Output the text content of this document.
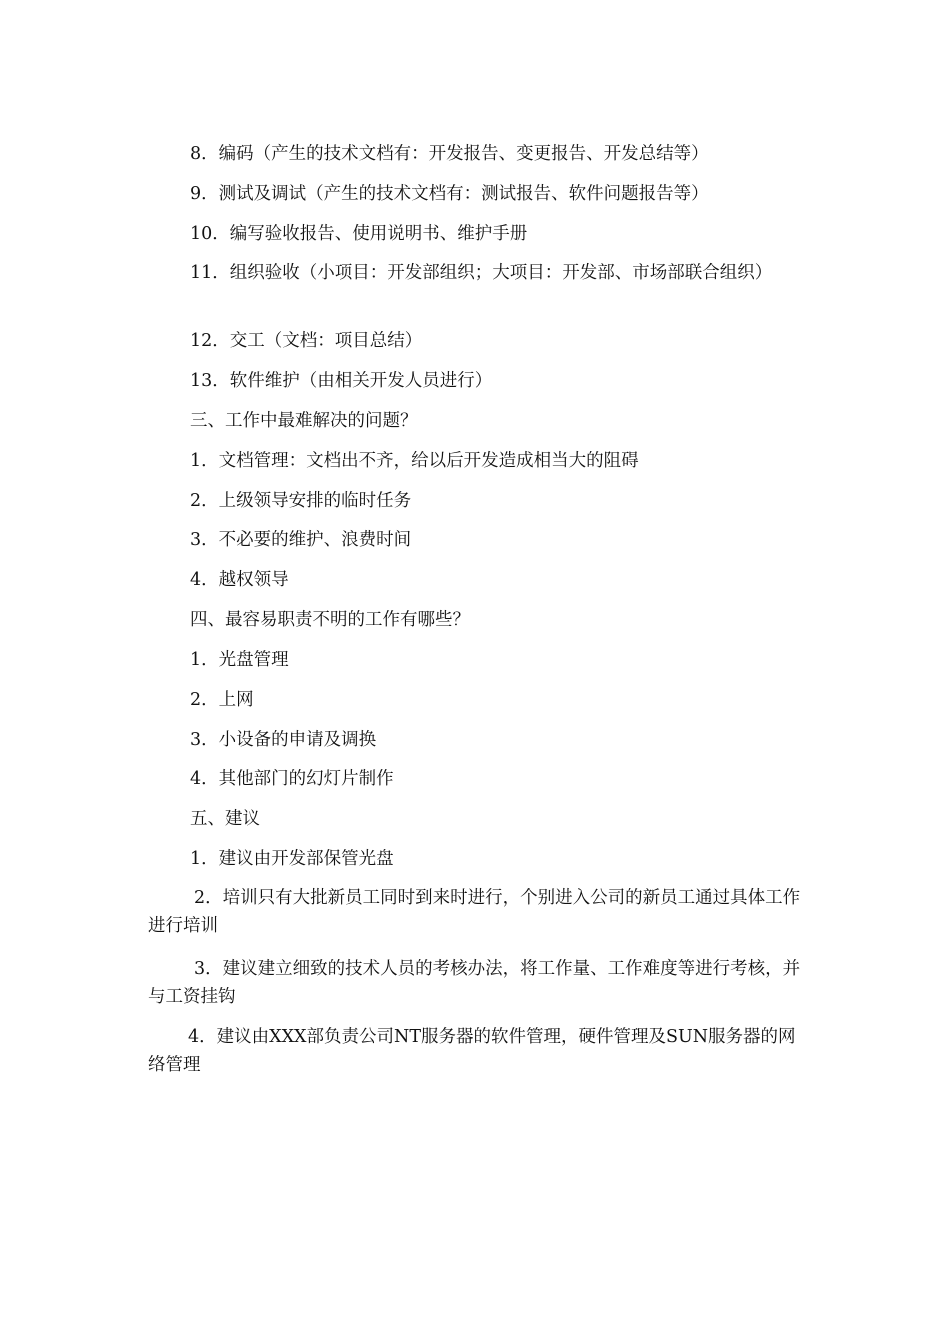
8．编码（产生的技术文档有：开发报告、变更报告、开发总结等）

9．测试及调试（产生的技术文档有：测试报告、软件问题报告等）

10．编写验收报告、使用说明书、维护手册

11．组织验收（小项目：开发部组织；大项目：开发部、市场部联合组织）

12．交工（文档：项目总结）

13．软件维护（由相关开发人员进行）

三、工作中最难解决的问题？

1．文档管理：文档出不齐，给以后开发造成相当大的阻碍

2．上级领导安排的临时任务

3．不必要的维护、浪费时间

4．越权领导

四、最容易职责不明的工作有哪些？

1．光盘管理

2．上网

3．小设备的申请及调换

4．其他部门的幻灯片制作

五、建议

1．建议由开发部保管光盘

2．培训只有大批新员工同时到来时进行，个别进入公司的新员工通过具体工作进行培训

3．建议建立细致的技术人员的考核办法，将工作量、工作难度等进行考核，并与工资挂钩

4．建议由XXX部负责公司NT服务器的软件管理，硬件管理及SUN服务器的网络管理
